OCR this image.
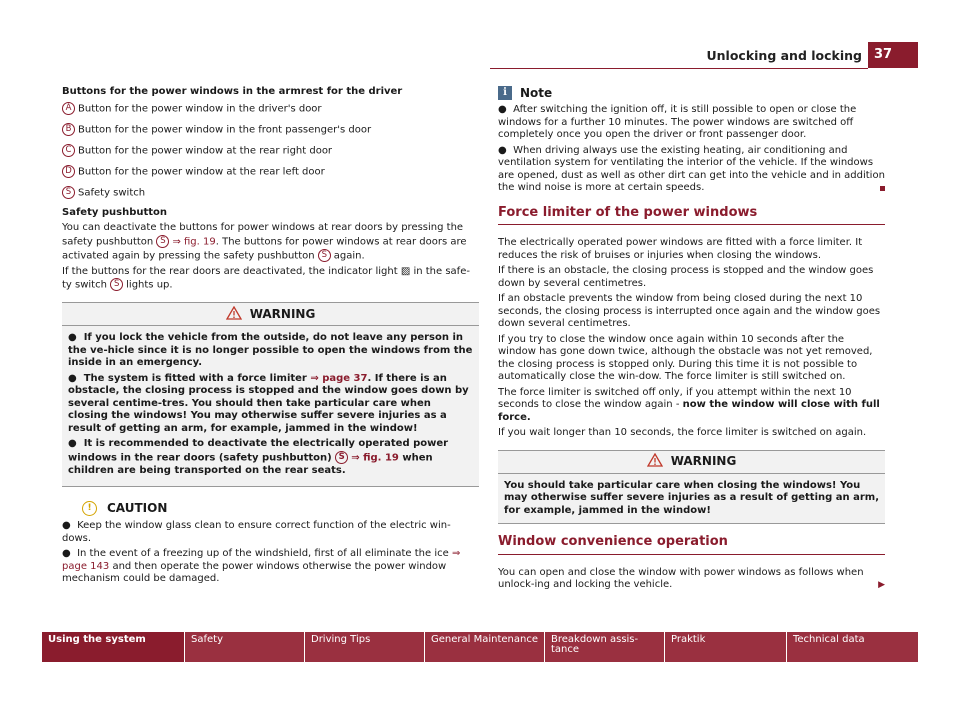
Unlocking and locking 37

Buttons for the power windows in the armrest for the driver

A Button for the power window in the driver's door
B Button for the power window in the front passenger's door
C Button for the power window at the rear right door
D Button for the power window at the rear left door
S Safety switch

Safety pushbutton

You can deactivate the buttons for power windows at rear doors by pressing the safety pushbutton S ⇒ fig. 19. The buttons for power windows at rear doors are activated again by pressing the safety pushbutton S again.

If the buttons for the rear doors are deactivated, the indicator light ▨ in the safe-ty switch S lights up.

WARNING

●  If you lock the vehicle from the outside, do not leave any person in the ve-hicle since it is no longer possible to open the windows from the inside in an emergency.

●  The system is fitted with a force limiter ⇒ page 37. If there is an obstacle, the closing process is stopped and the window goes down by several centime-tres. You should then take particular care when closing the windows! You may otherwise suffer severe injuries as a result of getting an arm, for example, jammed in the window!

●  It is recommended to deactivate the electrically operated power windows in the rear doors (safety pushbutton) S ⇒ fig. 19 when children are being transported on the rear seats.

!	CAUTION

●  Keep the window glass clean to ensure correct function of the electric win-dows.

●  In the event of a freezing up of the windshield, first of all eliminate the ice ⇒ page 143 and then operate the power windows otherwise the power window mechanism could be damaged.

i	Note

●  After switching the ignition off, it is still possible to open or close the windows for a further 10 minutes. The power windows are switched off completely once you open the driver or front passenger door.

●  When driving always use the existing heating, air conditioning and ventilation system for ventilating the interior of the vehicle. If the windows are opened, dust as well as other dirt can get into the vehicle and in addition the wind noise is more at certain speeds.

Force limiter of the power windows

The electrically operated power windows are fitted with a force limiter. It reduces the risk of bruises or injuries when closing the windows.

If there is an obstacle, the closing process is stopped and the window goes down by several centimetres.

If an obstacle prevents the window from being closed during the next 10 seconds, the closing process is interrupted once again and the window goes down several centimetres.

If you try to close the window once again within 10 seconds after the window has gone down twice, although the obstacle was not yet removed, the closing process is stopped only. During this time it is not possible to automatically close the win-dow. The force limiter is still switched on.

The force limiter is switched off only, if you attempt within the next 10 seconds to close the window again - now the window will close with full force.

If you wait longer than 10 seconds, the force limiter is switched on again.

WARNING
You should take particular care when closing the windows! You may otherwise suffer severe injuries as a result of getting an arm, for example, jammed in the window!
Window convenience operation

You can open and close the window with power windows as follows when unlock-ing and locking the vehicle.	▶

Using the system	Safety	Driving Tips	General Maintenance	Breakdown assis-tance
Praktik	Technical data
